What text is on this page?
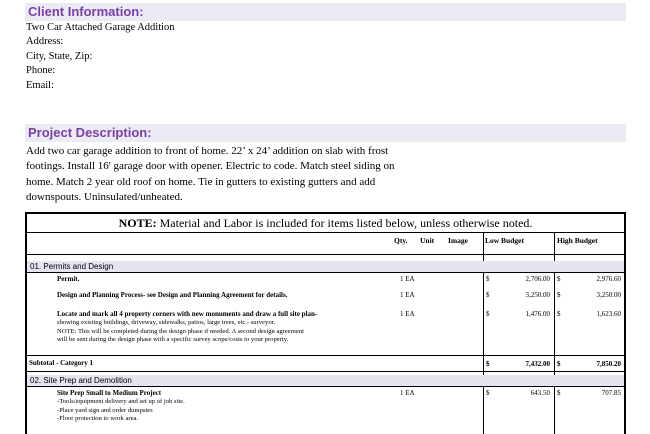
Client Information:
Two Car Attached Garage Addition
Address:
City, State, Zip:
Phone:
Email:
Project Description:
Add two car garage addition to front of home. 22’ x 24’ addition on slab with frost
footings. Install 16' garage door with opener. Electric to code. Match steel siding on
home. Match 2 year old roof on home. Tie in gutters to existing gutters and add
downspouts. Uninsulated/unheated.
NOTE: Material and Labor is included for items listed below, unless otherwise noted.
Qty. Unit Image Low Budget	High Budget
01. Permits and Design
Permit.	1 EA	$	2,706.00 $	2,976.60
Design and Planning Process- see Design and Planning Agreement for details.	1 EA	$	3,250.00 $	3,250.00
Locate and mark all 4 property corners with new monuments and draw a full site plan-
showing existing buildings, driveway, sidewalks, patios, large trees, etc.- surveyor.
NOTE: This will be completed during the design phase if needed. A second design agreement
will be sent during the design phase with a specific survey scope/costs to your property.
1 EA	$	1,476.00 $	1,623.60
Subtotal - Category 1	$	7,432.00 $	7,850.20
02. Site Prep and Demolition
Site Prep Small to Medium Project
-Tools/equipment delivery and set up of job site.
-Place yard sign and order dumpster.
-Floor protection to work area.
1 EA	$	643.50 $	707.85
